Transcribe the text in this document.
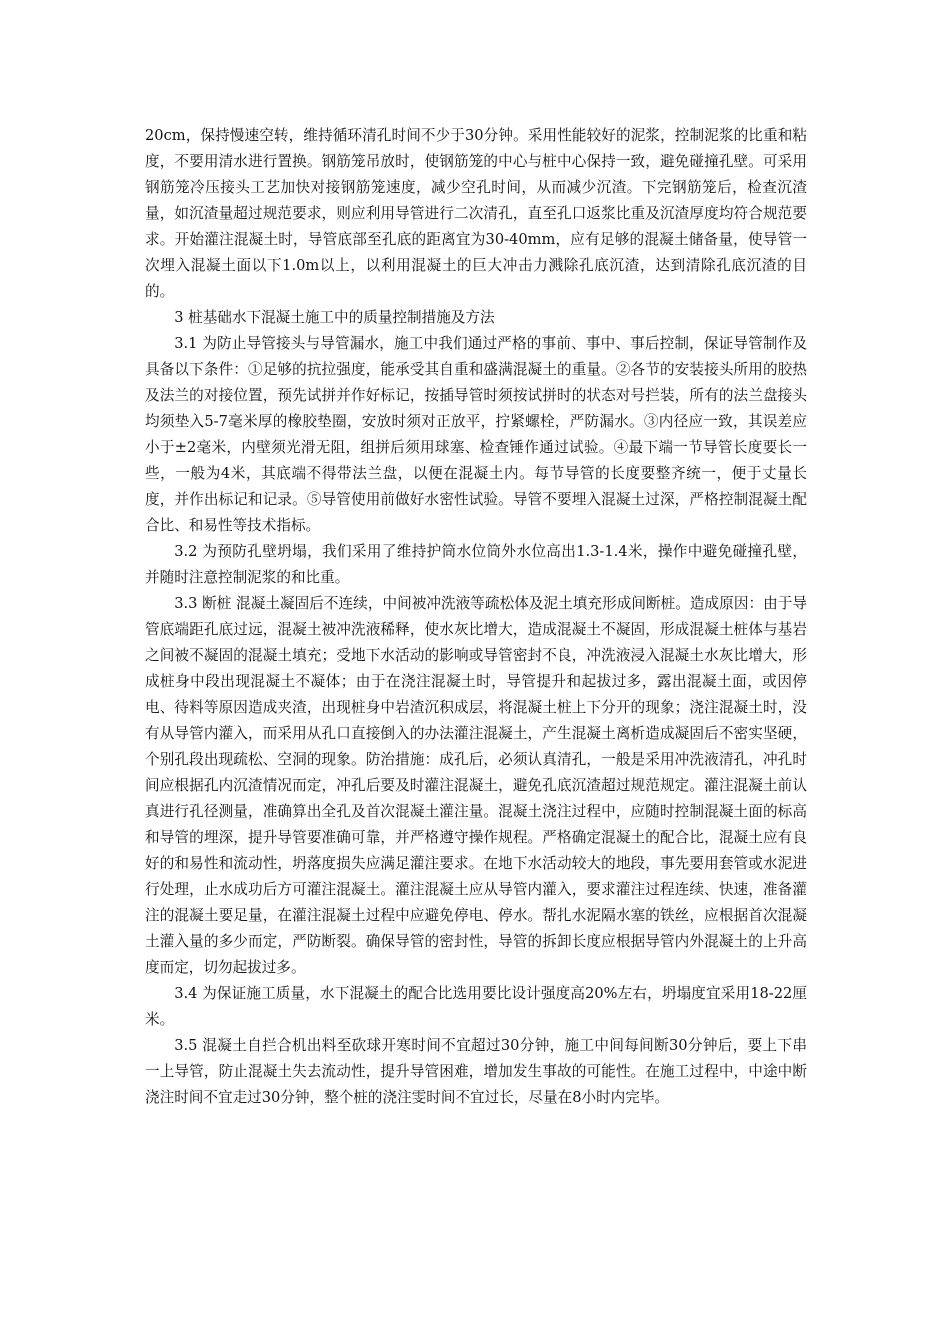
20cm，保持慢速空转，维持循环清孔时间不少于30分钟。采用性能较好的泥浆，控制泥浆的比重和粘度，不要用清水进行置换。钢筋笼吊放时，使钢筋笼的中心与桩中心保持一致，避免碰撞孔壁。可采用钢筋笼冷压接头工艺加快对接钢筋笼速度，减少空孔时间，从而减少沉渣。下完钢筋笼后，检查沉渣量，如沉渣量超过规范要求，则应利用导管进行二次清孔，直至孔口返浆比重及沉渣厚度均符合规范要求。开始灌注混凝土时，导管底部至孔底的距离宜为30-40mm，应有足够的混凝土储备量，使导管一次埋入混凝土面以下1.0m以上，以利用混凝土的巨大冲击力溅除孔底沉渣，达到清除孔底沉渣的目的。

3 桩基础水下混凝土施工中的质量控制措施及方法

3.1 为防止导管接头与导管漏水，施工中我们通过严格的事前、事中、事后控制，保证导管制作及具备以下条件：①足够的抗拉强度，能承受其自重和盛满混凝土的重量。②各节的安装接头所用的胶热及法兰的对接位置，预先试拼并作好标记，按插导管时须按试拼时的状态对号拦装，所有的法兰盘接头均须垫入5-7毫米厚的橡胶垫圈，安放时须对正放平，拧紧螺栓，严防漏水。③内径应一致，其误差应小于±2毫米，内壁须光滑无阻，组拼后须用球塞、检查锤作通过试验。④最下端一节导管长度要长一些，一般为4米，其底端不得带法兰盘，以便在混凝土内。每节导管的长度要整齐统一，便于丈量长度，并作出标记和记录。⑤导管使用前做好水密性试验。导管不要埋入混凝土过深，严格控制混凝土配合比、和易性等技术指标。

3.2 为预防孔壁坍塌，我们采用了维持护筒水位筒外水位高出1.3-1.4米，操作中避免碰撞孔壁，并随时注意控制泥浆的和比重。

3.3 断桩 混凝土凝固后不连续，中间被冲洗液等疏松体及泥土填充形成间断桩。造成原因：由于导管底端距孔底过远，混凝土被冲洗液稀释，使水灰比增大，造成混凝土不凝固，形成混凝土桩体与基岩之间被不凝固的混凝土填充；受地下水活动的影响或导管密封不良，冲洗液浸入混凝土水灰比增大，形成桩身中段出现混凝土不凝体；由于在浇注混凝土时，导管提升和起拔过多，露出混凝土面，或因停电、待料等原因造成夹渣，出现桩身中岩渣沉积成层，将混凝土桩上下分开的现象；浇注混凝土时，没有从导管内灌入，而采用从孔口直接倒入的办法灌注混凝土，产生混凝土离析造成凝固后不密实坚硬，个别孔段出现疏松、空洞的现象。防治措施：成孔后，必须认真清孔，一般是采用冲洗液清孔，冲孔时间应根据孔内沉渣情况而定，冲孔后要及时灌注混凝土，避免孔底沉渣超过规范规定。灌注混凝土前认真进行孔径测量，准确算出全孔及首次混凝土灌注量。混凝土浇注过程中，应随时控制混凝土面的标高和导管的埋深，提升导管要准确可靠，并严格遵守操作规程。严格确定混凝土的配合比，混凝土应有良好的和易性和流动性，坍落度损失应满足灌注要求。在地下水活动较大的地段，事先要用套管或水泥进行处理，止水成功后方可灌注混凝土。灌注混凝土应从导管内灌入，要求灌注过程连续、快速，准备灌注的混凝土要足量，在灌注混凝土过程中应避免停电、停水。帮扎水泥隔水塞的铁丝，应根据首次混凝土灌入量的多少而定，严防断裂。确保导管的密封性，导管的拆卸长度应根据导管内外混凝土的上升高度而定，切勿起拔过多。

3.4 为保证施工质量，水下混凝土的配合比选用要比设计强度高20%左右，坍塌度宜采用18-22厘米。

3.5 混凝土自拦合机出料至砍球开寒时间不宜超过30分钟，施工中间每间断30分钟后，要上下串一上导管，防止混凝土失去流动性，提升导管困难，增加发生事故的可能性。在施工过程中，中途中断浇注时间不宜走过30分钟，整个桩的浇注雯时间不宜过长，尽量在8小时内完毕。
